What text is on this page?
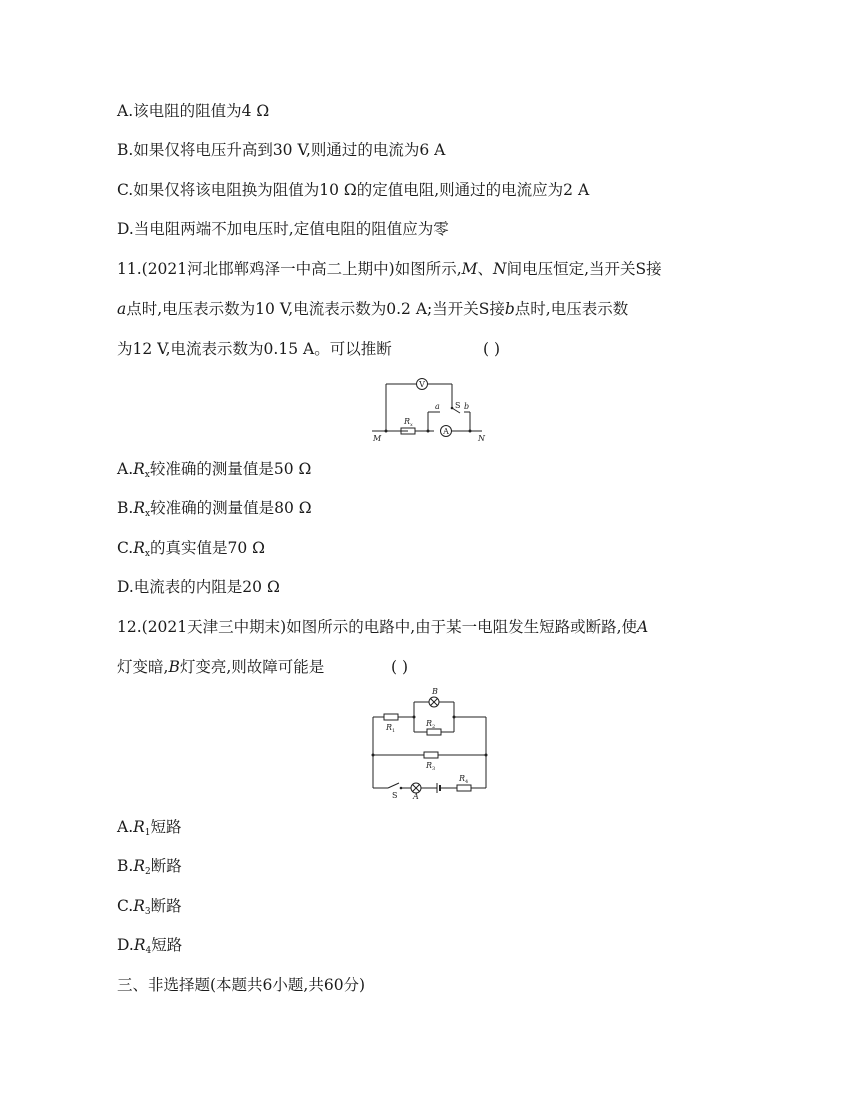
A.该电阻的阻值为4 Ω
B.如果仅将电压升高到30 V,则通过的电流为6 A
C.如果仅将该电阻换为阻值为10 Ω的定值电阻,则通过的电流应为2 A
D.当电阻两端不加电压时,定值电阻的阻值应为零
11.(2021河北邯郸鸡泽一中高二上期中)如图所示,M、N间电压恒定,当开关S接
a点时,电压表示数为10 V,电流表示数为0.2 A;当开关S接b点时,电压表示数
为12 V,电流表示数为0.15 A。可以推断	( )
V
A
R x
a S b
M	N
$A.R_x$较准确的测量值是50 Ω
$B.R_x$较准确的测量值是80 Ω
$C.R_x$的真实值是70 Ω
D.电流表的内阻是20 Ω
12.(2021天津三中期末)如图所示的电路中,由于某一电阻发生短路或断路,使A
灯变暗,B灯变亮,则故障可能是	( )
B
R 1
R 2
R 3
R 4
S A
$A.R_1$短路
$B.R_2$断路
$C.R_3$断路
$D.R_4$短路
三、非选择题(本题共6小题,共60分)
